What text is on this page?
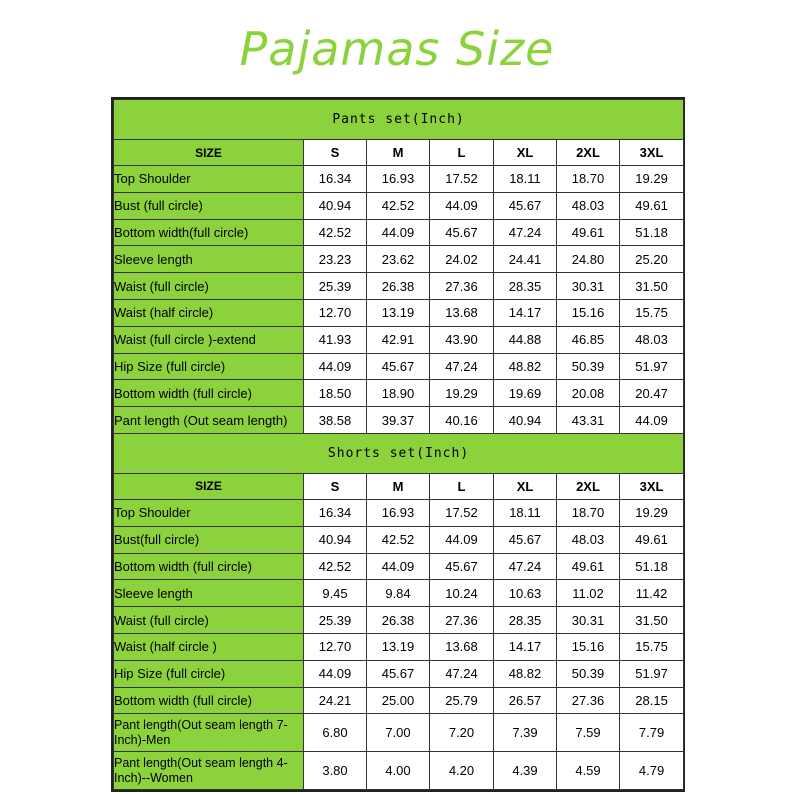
Pajamas Size
Pants set(Inch)						
SIZE	S	M	L	XL	2XL	3XL
Top Shoulder	16.34	16.93	17.52	18.11	18.70	19.29
Bust (full circle)	40.94	42.52	44.09	45.67	48.03	49.61
Bottom width(full circle)	42.52	44.09	45.67	47.24	49.61	51.18
Sleeve length	23.23	23.62	24.02	24.41	24.80	25.20
Waist (full circle)	25.39	26.38	27.36	28.35	30.31	31.50
Waist (half circle)	12.70	13.19	13.68	14.17	15.16	15.75
Waist (full circle )-extend	41.93	42.91	43.90	44.88	46.85	48.03
Hip Size (full circle)	44.09	45.67	47.24	48.82	50.39	51.97
Bottom width (full circle)	18.50	18.90	19.29	19.69	20.08	20.47
Pant length (Out seam length)	38.58	39.37	40.16	40.94	43.31	44.09
Shorts set(Inch)						
SIZE	S	M	L	XL	2XL	3XL
Top Shoulder	16.34	16.93	17.52	18.11	18.70	19.29
Bust(full circle)	40.94	42.52	44.09	45.67	48.03	49.61
Bottom width (full circle)	42.52	44.09	45.67	47.24	49.61	51.18
Sleeve length	9.45	9.84	10.24	10.63	11.02	11.42
Waist (full circle)	25.39	26.38	27.36	28.35	30.31	31.50
Waist (half circle )	12.70	13.19	13.68	14.17	15.16	15.75
Hip Size (full circle)	44.09	45.67	47.24	48.82	50.39	51.97
Bottom width (full circle)	24.21	25.00	25.79	26.57	27.36	28.15
Pant length(Out seam length 7-Inch)-Men	6.80	7.00	7.20	7.39	7.59	7.79
Pant length(Out seam length 4-Inch)--Women	3.80	4.00	4.20	4.39	4.59	4.79
